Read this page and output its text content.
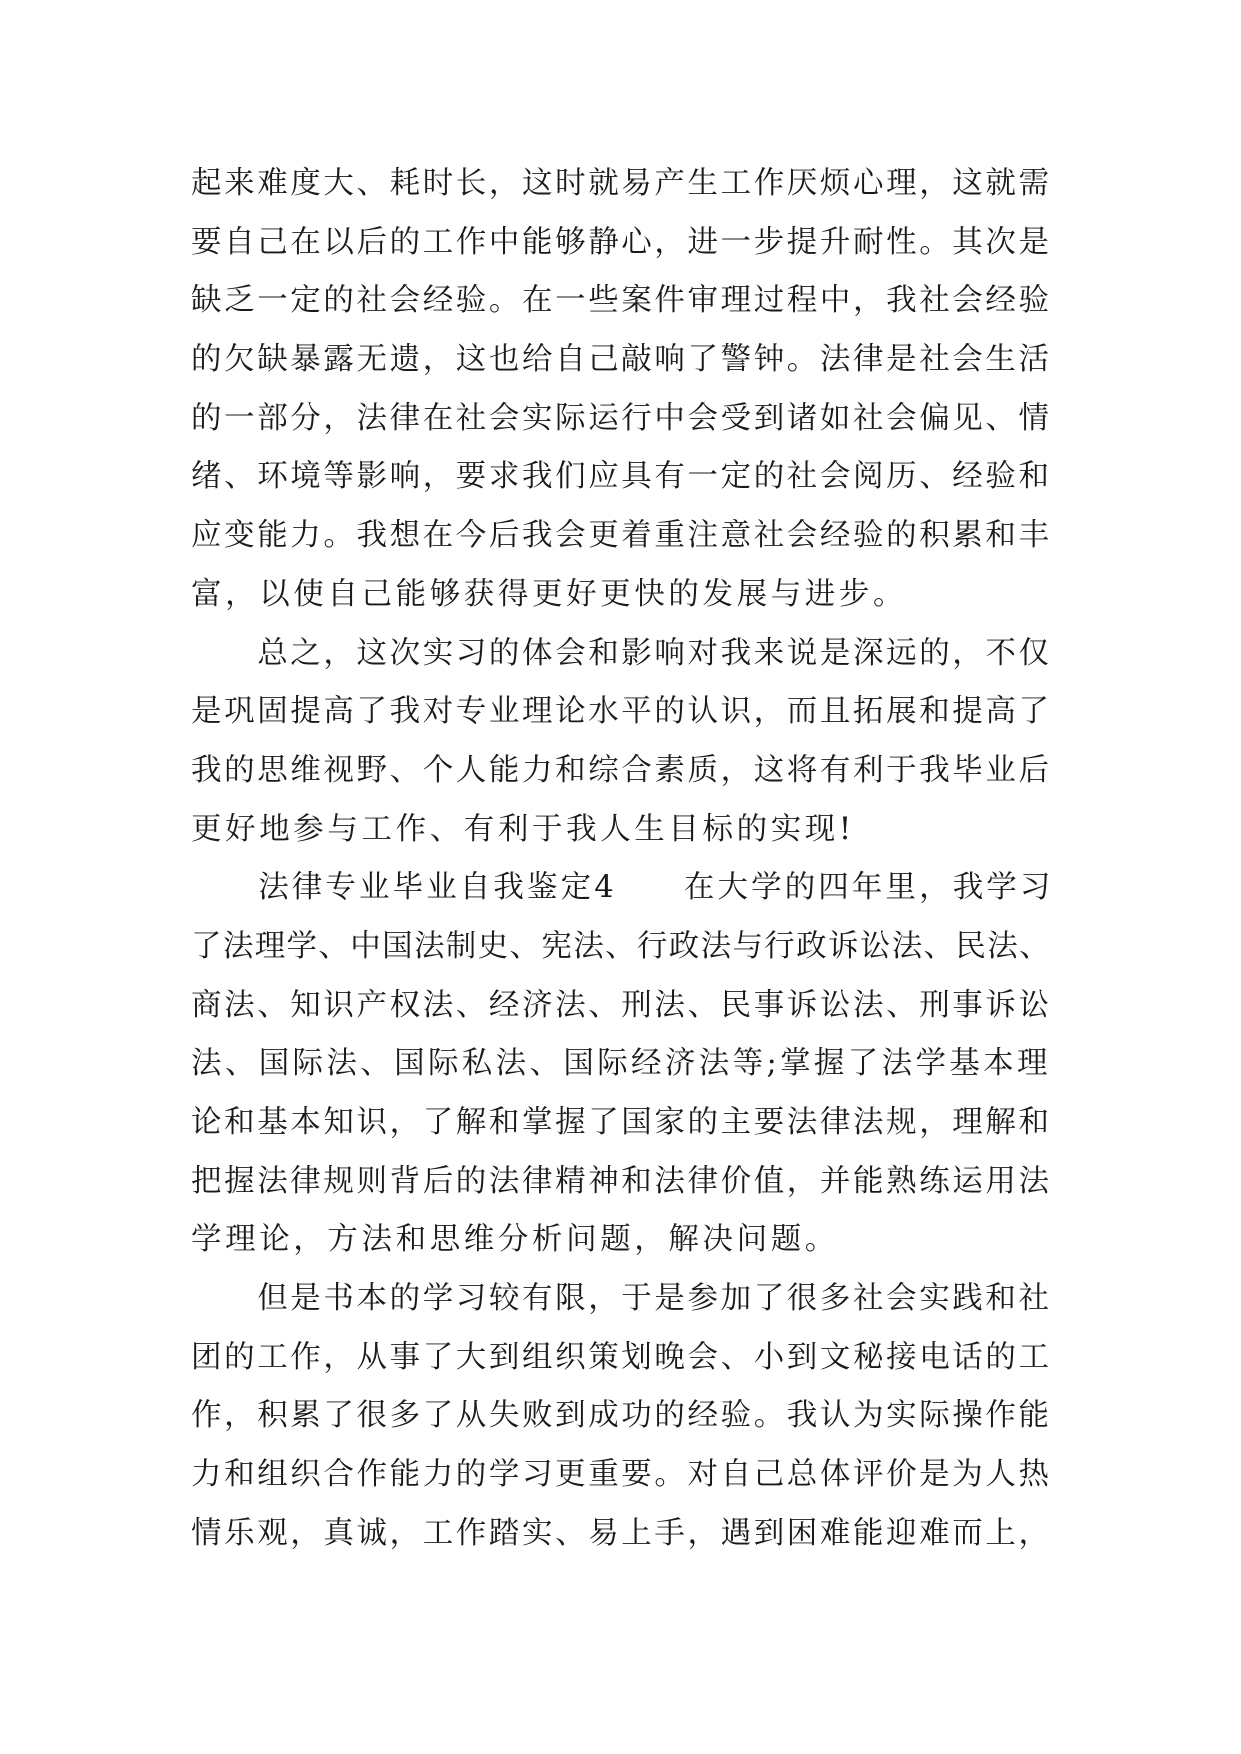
起来难度大、耗时长，这时就易产生工作厌烦心理，这就需
要自己在以后的工作中能够静心，进一步提升耐性。其次是
缺乏一定的社会经验。在一些案件审理过程中，我社会经验
的欠缺暴露无遗，这也给自己敲响了警钟。法律是社会生活
的一部分，法律在社会实际运行中会受到诸如社会偏见、情
绪、环境等影响，要求我们应具有一定的社会阅历、经验和
应变能力。我想在今后我会更着重注意社会经验的积累和丰
富，以使自己能够获得更好更快的发展与进步。
　　总之，这次实习的体会和影响对我来说是深远的，不仅
是巩固提高了我对专业理论水平的认识，而且拓展和提高了
我的思维视野、个人能力和综合素质，这将有利于我毕业后
更好地参与工作、有利于我人生目标的实现!
　　法律专业毕业自我鉴定4　　在大学的四年里，我学习
了法理学、中国法制史、宪法、行政法与行政诉讼法、民法、
商法、知识产权法、经济法、刑法、民事诉讼法、刑事诉讼
法、国际法、国际私法、国际经济法等;掌握了法学基本理
论和基本知识，了解和掌握了国家的主要法律法规，理解和
把握法律规则背后的法律精神和法律价值，并能熟练运用法
学理论，方法和思维分析问题，解决问题。
　　但是书本的学习较有限，于是参加了很多社会实践和社
团的工作，从事了大到组织策划晚会、小到文秘接电话的工
作，积累了很多了从失败到成功的经验。我认为实际操作能
力和组织合作能力的学习更重要。对自己总体评价是为人热
情乐观，真诚，工作踏实、易上手，遇到困难能迎难而上，
